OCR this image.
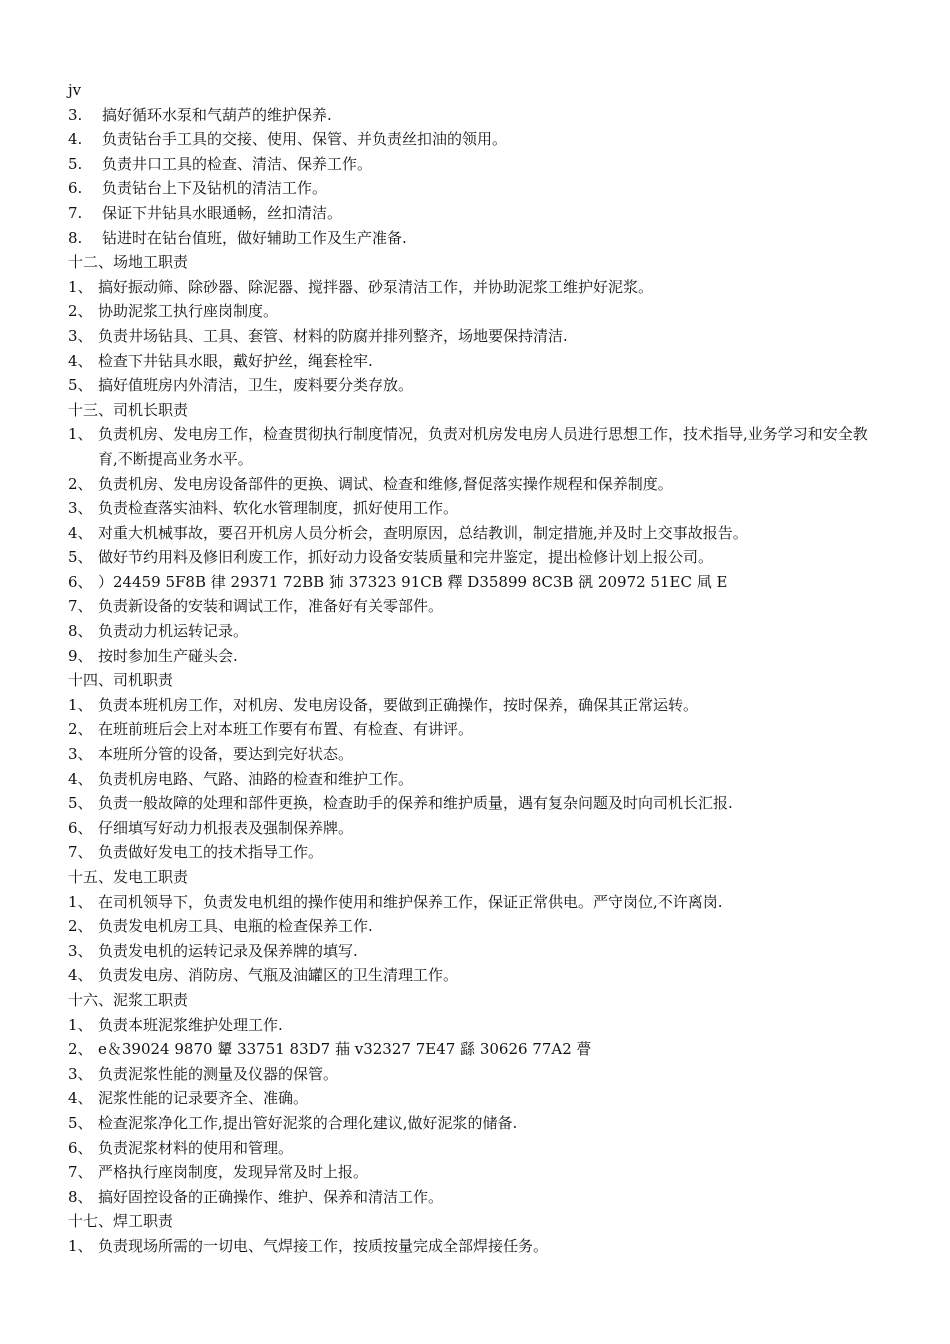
jv
3.	搞好循环水泵和气葫芦的维护保养.
4.	负责钻台手工具的交接、使用、保管、并负责丝扣油的领用。
5.	负责井口工具的检查、清洁、保养工作。
6.	负责钻台上下及钻机的清洁工作。
7.	保证下井钻具水眼通畅，丝扣清洁。
8.	钻进时在钻台值班，做好辅助工作及生产准备.
十二、场地工职责
1、 搞好振动筛、除砂器、除泥器、搅拌器、砂泵清洁工作，并协助泥浆工维护好泥浆。
2、 协助泥浆工执行座岗制度。
3、 负责井场钻具、工具、套管、材料的防腐并排列整齐，场地要保持清洁.
4、 检查下井钻具水眼，戴好护丝，绳套栓牢.
5、 搞好值班房内外清洁，卫生，废料要分类存放。
十三、司机长职责
1、 负责机房、发电房工作，检查贯彻执行制度情况，负责对机房发电房人员进行思想工作，技术指导,业务学习和安全教育,不断提高业务水平。
2、 负责机房、发电房设备部件的更换、调试、检查和维修,督促落实操作规程和保养制度。
3、 负责检查落实油料、软化水管理制度，抓好使用工作。
4、 对重大机械事故，要召开机房人员分析会，查明原因，总结教训，制定措施,并及时上交事故报告。
5、 做好节约用料及修旧利废工作，抓好动力设备安装质量和完井鉴定，提出检修计划上报公司。
6、 ）24459 5F8B 律 29371 72BB 犻 37323 91CB 釋 D35899 8C3B 谻 20972 51EC 凬 E
7、 负责新设备的安装和调试工作，准备好有关零部件。
8、 负责动力机运转记录。
9、 按时参加生产碰头会.
十四、司机职责
1、 负责本班机房工作，对机房、发电房设备，要做到正确操作，按时保养，确保其正常运转。
2、 在班前班后会上对本班工作要有布置、有检查、有讲评。
3、 本班所分管的设备，要达到完好状态。
4、 负责机房电路、气路、油路的检查和维护工作。
5、 负责一般故障的处理和部件更换，检查助手的保养和维护质量，遇有复杂问题及时向司机长汇报.
6、 仔细填写好动力机报表及强制保养牌。
7、 负责做好发电工的技术指导工作。
十五、发电工职责
1、 在司机领导下，负责发电机组的操作使用和维护保养工作，保证正常供电。严守岗位,不许离岗.
2、 负责发电机房工具、电瓶的检查保养工作.
3、 负责发电机的运转记录及保养牌的填写.
4、 负责发电房、消防房、气瓶及油罐区的卫生清理工作。
十六、泥浆工职责
1、 负责本班泥浆维护处理工作.
2、 e＆39024 9870 顰 33751 83D7 菗 v32327 7E47 繇 30626 77A2 瞢
3、 负责泥浆性能的测量及仪器的保管。
4、 泥浆性能的记录要齐全、准确。
5、 检查泥浆净化工作,提出管好泥浆的合理化建议,做好泥浆的储备.
6、 负责泥浆材料的使用和管理。
7、 严格执行座岗制度，发现异常及时上报。
8、 搞好固控设备的正确操作、维护、保养和清洁工作。
十七、焊工职责
1、 负责现场所需的一切电、气焊接工作，按质按量完成全部焊接任务。
